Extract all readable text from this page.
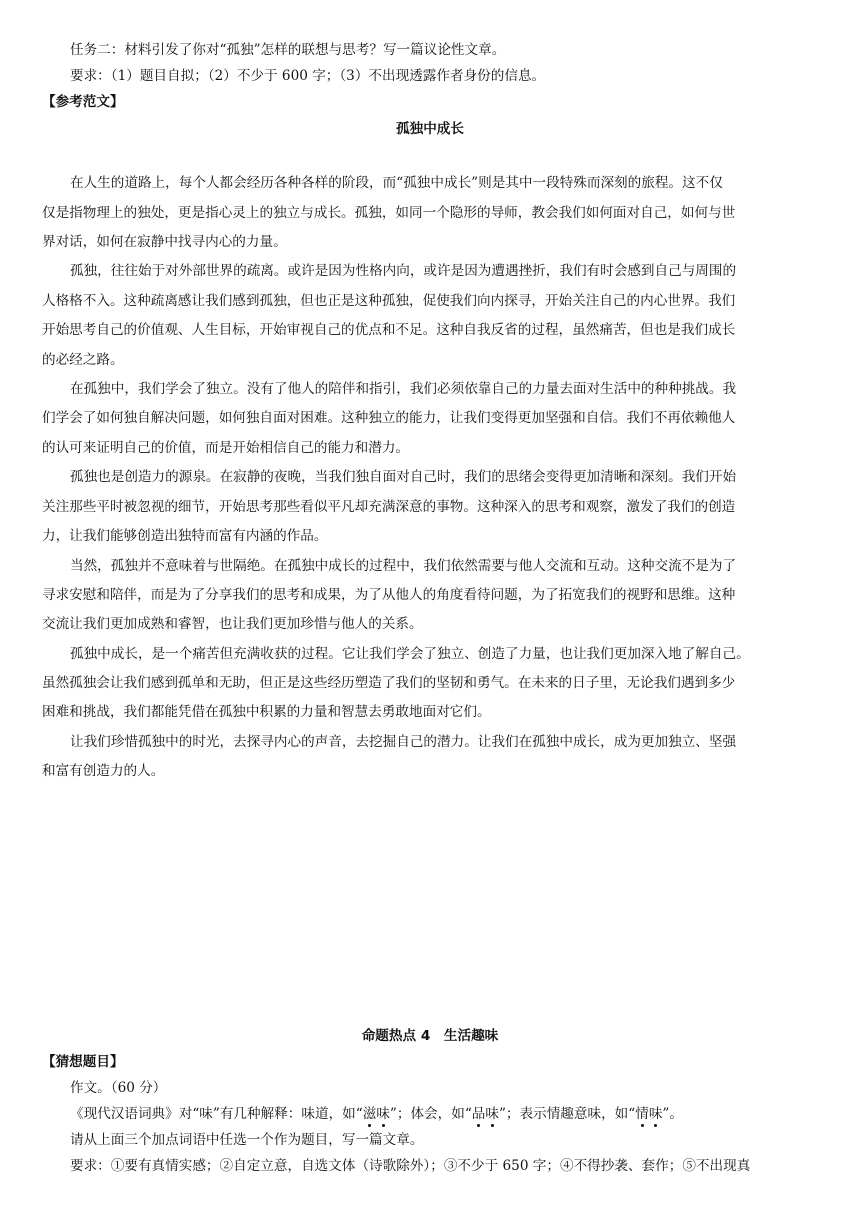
任务二：材料引发了你对“孤独”怎样的联想与思考？写一篇议论性文章。
要求：（1）题目自拟；（2）不少于 600 字；（3）不出现透露作者身份的信息。
【参考范文】
孤独中成长
在人生的道路上，每个人都会经历各种各样的阶段，而“孤独中成长”则是其中一段特殊而深刻的旅程。这不仅
仅是指物理上的独处，更是指心灵上的独立与成长。孤独，如同一个隐形的导师，教会我们如何面对自己，如何与世
界对话，如何在寂静中找寻内心的力量。
孤独，往往始于对外部世界的疏离。或许是因为性格内向，或许是因为遭遇挫折，我们有时会感到自己与周围的
人格格不入。这种疏离感让我们感到孤独，但也正是这种孤独，促使我们向内探寻，开始关注自己的内心世界。我们
开始思考自己的价值观、人生目标，开始审视自己的优点和不足。这种自我反省的过程，虽然痛苦，但也是我们成长
的必经之路。
在孤独中，我们学会了独立。没有了他人的陪伴和指引，我们必须依靠自己的力量去面对生活中的种种挑战。我
们学会了如何独自解决问题，如何独自面对困难。这种独立的能力，让我们变得更加坚强和自信。我们不再依赖他人
的认可来证明自己的价值，而是开始相信自己的能力和潜力。
孤独也是创造力的源泉。在寂静的夜晚，当我们独自面对自己时，我们的思绪会变得更加清晰和深刻。我们开始
关注那些平时被忽视的细节，开始思考那些看似平凡却充满深意的事物。这种深入的思考和观察，激发了我们的创造
力，让我们能够创造出独特而富有内涵的作品。
当然，孤独并不意味着与世隔绝。在孤独中成长的过程中，我们依然需要与他人交流和互动。这种交流不是为了
寻求安慰和陪伴，而是为了分享我们的思考和成果，为了从他人的角度看待问题，为了拓宽我们的视野和思维。这种
交流让我们更加成熟和睿智，也让我们更加珍惜与他人的关系。
孤独中成长，是一个痛苦但充满收获的过程。它让我们学会了独立、创造了力量，也让我们更加深入地了解自己。
虽然孤独会让我们感到孤单和无助，但正是这些经历塑造了我们的坚韧和勇气。在未来的日子里，无论我们遇到多少
困难和挑战，我们都能凭借在孤独中积累的力量和智慧去勇敢地面对它们。
让我们珍惜孤独中的时光，去探寻内心的声音，去挖掘自己的潜力。让我们在孤独中成长，成为更加独立、坚强
和富有创造力的人。
命题热点 4　生活趣味
【猜想题目】
作文。（60 分）
《现代汉语词典》对“味”有几种解释：味道，如“滋味”；体会，如“品味”；表示情趣意味，如“情味”。
请从上面三个加点词语中任选一个作为题目，写一篇文章。
要求：①要有真情实感；②自定立意，自选文体（诗歌除外）；③不少于 650 字；④不得抄袭、套作；⑤不出现真
